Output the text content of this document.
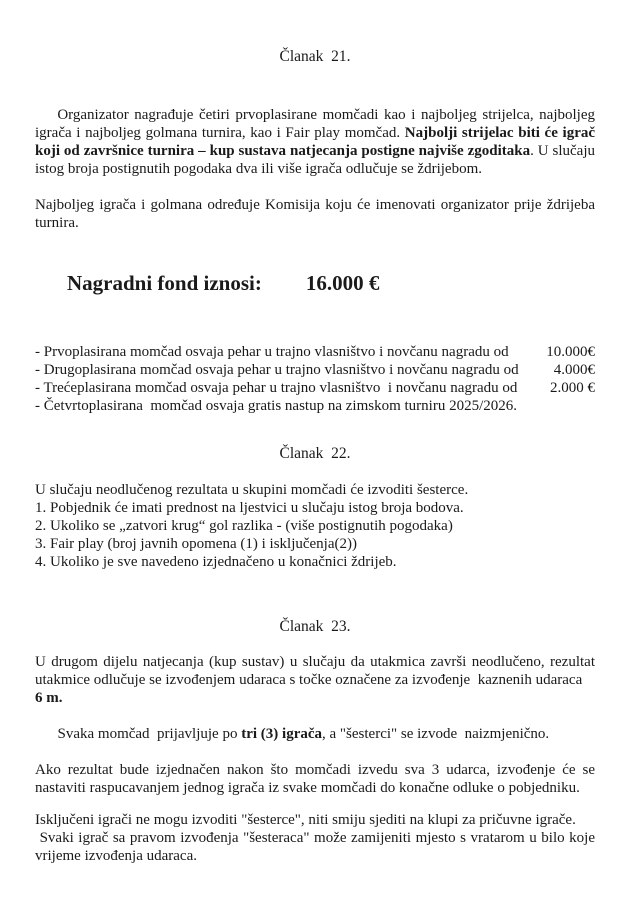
Članak  21.

Organizator nagrađuje četiri prvoplasirane momčadi kao i najboljeg strijelca, najboljeg igrača i najboljeg golmana turnira, kao i Fair play momčad. Najbolji strijelac biti će igrač koji od završnice turnira – kup sustava natjecanja postigne najviše zgoditaka. U slučaju istog broja postignutih pogodaka dva ili više igrača odlučuje se ždrijebom.

Najboljeg igrača i golmana određuje Komisija koju će imenovati organizator prije ždrijeba turnira.

Nagradni fond iznosi: 16.000 €

- Prvoplasirana momčad osvaja pehar u trajno vlasništvo i novčanu nagradu od	10.000€
- Drugoplasirana momčad osvaja pehar u trajno vlasništvo i novčanu nagradu od 4.000€
- Trećeplasirana momčad osvaja pehar u trajno vlasništvo  i novčanu nagradu od 2.000 €
- Četvrtoplasirana  momčad osvaja gratis nastup na zimskom turniru 2025/2026.
Članak  22.
U slučaju neodlučenog rezultata u skupini momčadi će izvoditi šesterce.
1. Pobjednik će imati prednost na ljestvici u slučaju istog broja bodova.
2. Ukoliko se „zatvori krug“ gol razlika - (više postignutih pogodaka)
3. Fair play (broj javnih opomena (1) i isključenja(2))
4. Ukoliko je sve navedeno izjednačeno u konačnici ždrijeb.
Članak  23.
U drugom dijelu natjecanja (kup sustav) u slučaju da utakmica završi neodlučeno, rezultat utakmice odlučuje se izvođenjem udaraca s točke označene za izvođenje  kaznenih udaraca
6 m.

Svaka momčad  prijavljuje po tri (3) igrača, a "šesterci" se izvode  naizmjenično.

Ako rezultat bude izjednačen nakon što momčadi izvedu sva 3 udarca, izvođenje će se nastaviti raspucavanjem jednog igrača iz svake momčadi do konačne odluke o pobjedniku.
Isključeni igrači ne mogu izvoditi "šesterce", niti smiju sjediti na klupi za pričuvne igrače.
Svaki igrač sa pravom izvođenja "šesteraca" može zamijeniti mjesto s vratarom u bilo koje vrijeme izvođenja udaraca.
